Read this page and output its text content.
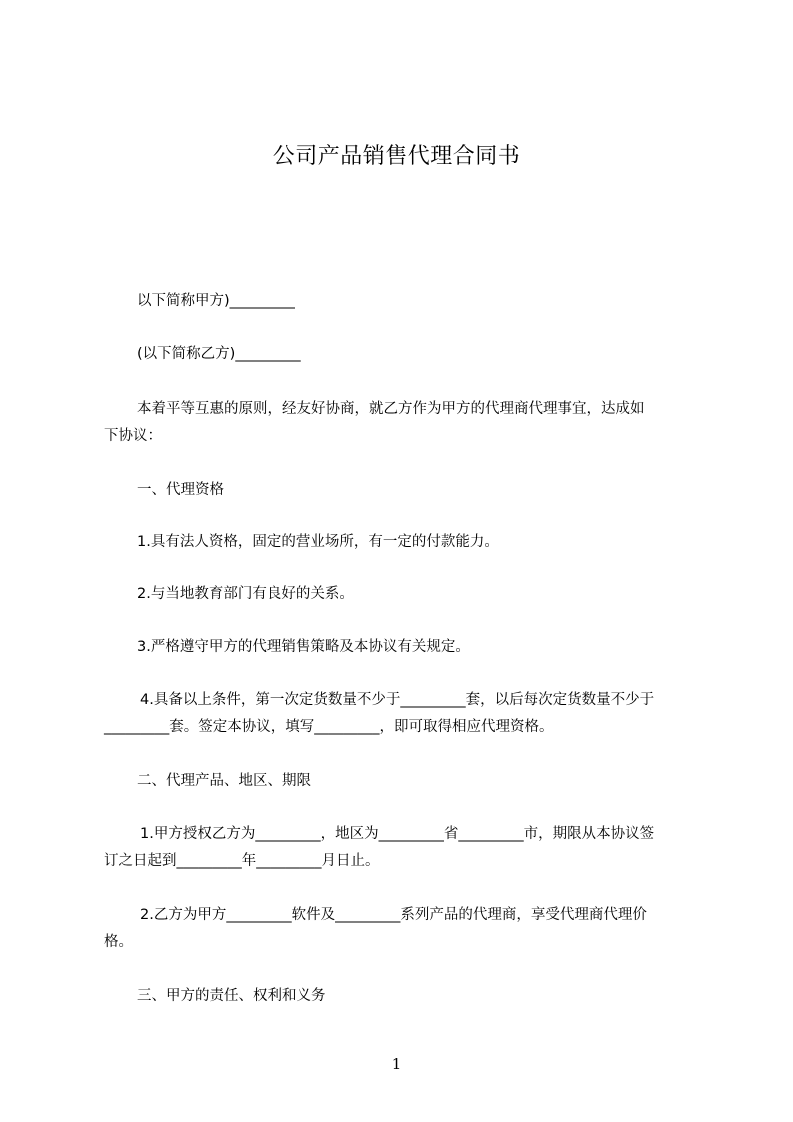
公司产品销售代理合同书
以下简称甲方)_________
(以下简称乙方)_________
本着平等互惠的原则，经友好协商，就乙方作为甲方的代理商代理事宜，达成如
下协议：
一、代理资格
1.具有法人资格，固定的营业场所，有一定的付款能力。
2.与当地教育部门有良好的关系。
3.严格遵守甲方的代理销售策略及本协议有关规定。
4.具备以上条件，第一次定货数量不少于_________套，以后每次定货数量不少于
_________套。签定本协议，填写_________，即可取得相应代理资格。
二、代理产品、地区、期限
1.甲方授权乙方为_________，地区为_________省_________市，期限从本协议签
订之日起到_________年_________月日止。
2.乙方为甲方_________软件及_________系列产品的代理商，享受代理商代理价
格。
三、甲方的责任、权利和义务
1
